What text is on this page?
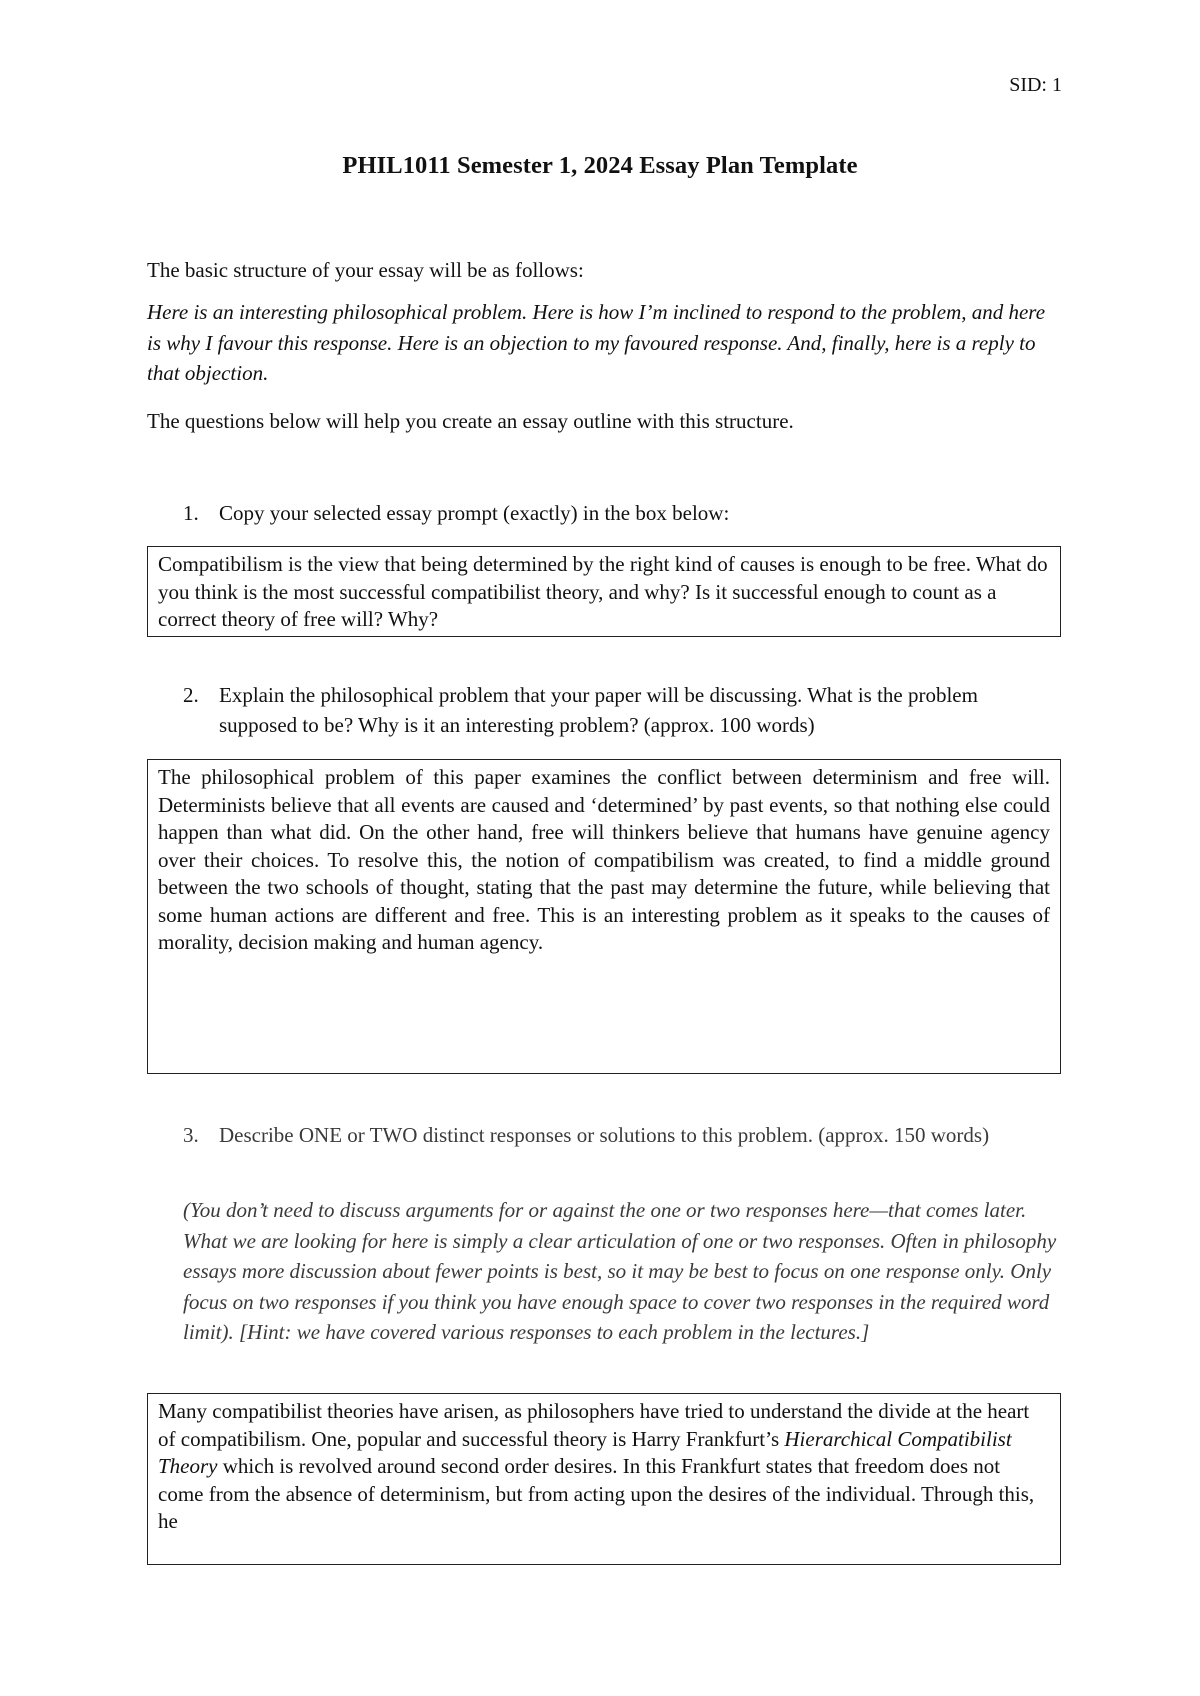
SID: 1
PHIL1011 Semester 1, 2024 Essay Plan Template
The basic structure of your essay will be as follows:
Here is an interesting philosophical problem. Here is how I’m inclined to respond to the problem, and here is why I favour this response. Here is an objection to my favoured response. And, finally, here is a reply to that objection.
The questions below will help you create an essay outline with this structure.
1. Copy your selected essay prompt (exactly) in the box below:
Compatibilism is the view that being determined by the right kind of causes is enough to be free. What do you think is the most successful compatibilist theory, and why? Is it successful enough to count as a correct theory of free will? Why?
2. Explain the philosophical problem that your paper will be discussing. What is the problem supposed to be? Why is it an interesting problem? (approx. 100 words)
The philosophical problem of this paper examines the conflict between determinism and free will. Determinists believe that all events are caused and ‘determined’ by past events, so that nothing else could happen than what did. On the other hand, free will thinkers believe that humans have genuine agency over their choices. To resolve this, the notion of compatibilism was created, to find a middle ground between the two schools of thought, stating that the past may determine the future, while believing that some human actions are different and free. This is an interesting problem as it speaks to the causes of morality, decision making and human agency.
3. Describe ONE or TWO distinct responses or solutions to this problem. (approx. 150 words)
(You don’t need to discuss arguments for or against the one or two responses here—that comes later. What we are looking for here is simply a clear articulation of one or two responses. Often in philosophy essays more discussion about fewer points is best, so it may be best to focus on one response only. Only focus on two responses if you think you have enough space to cover two responses in the required word limit). [Hint: we have covered various responses to each problem in the lectures.]
Many compatibilist theories have arisen, as philosophers have tried to understand the divide at the heart of compatibilism. One, popular and successful theory is Harry Frankfurt’s Hierarchical Compatibilist Theory which is revolved around second order desires. In this Frankfurt states that freedom does not come from the absence of determinism, but from acting upon the desires of the individual. Through this, he
